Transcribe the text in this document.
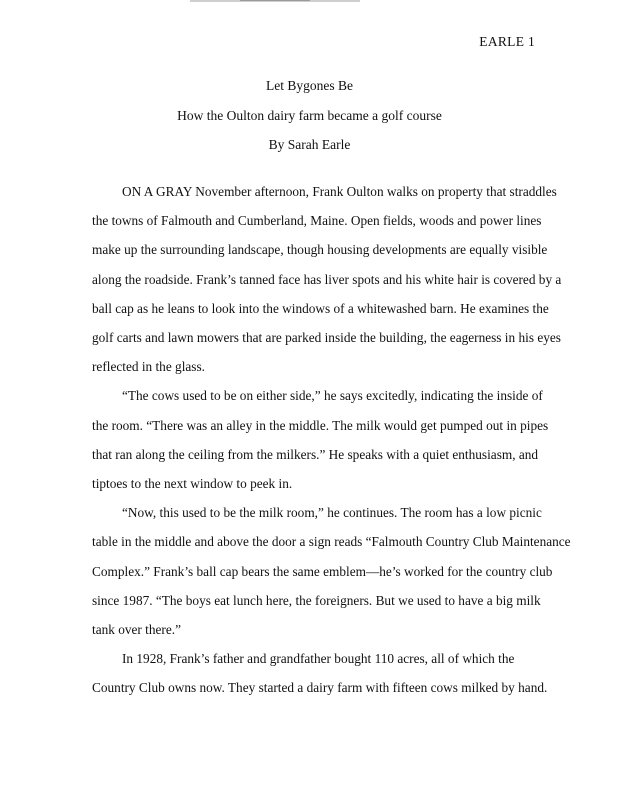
EARLE 1
Let Bygones Be
How the Oulton dairy farm became a golf course
By Sarah Earle

ON A GRAY November afternoon, Frank Oulton walks on property that straddles
the towns of Falmouth and Cumberland, Maine. Open fields, woods and power lines
make up the surrounding landscape, though housing developments are equally visible
along the roadside. Frank’s tanned face has liver spots and his white hair is covered by a
ball cap as he leans to look into the windows of a whitewashed barn. He examines the
golf carts and lawn mowers that are parked inside the building, the eagerness in his eyes
reflected in the glass.

“The cows used to be on either side,” he says excitedly, indicating the inside of
the room. “There was an alley in the middle. The milk would get pumped out in pipes
that ran along the ceiling from the milkers.” He speaks with a quiet enthusiasm, and
tiptoes to the next window to peek in.

“Now, this used to be the milk room,” he continues. The room has a low picnic
table in the middle and above the door a sign reads “Falmouth Country Club Maintenance
Complex.” Frank’s ball cap bears the same emblem—he’s worked for the country club
since 1987. “The boys eat lunch here, the foreigners. But we used to have a big milk
tank over there.”

In 1928, Frank’s father and grandfather bought 110 acres, all of which the
Country Club owns now. They started a dairy farm with fifteen cows milked by hand.
